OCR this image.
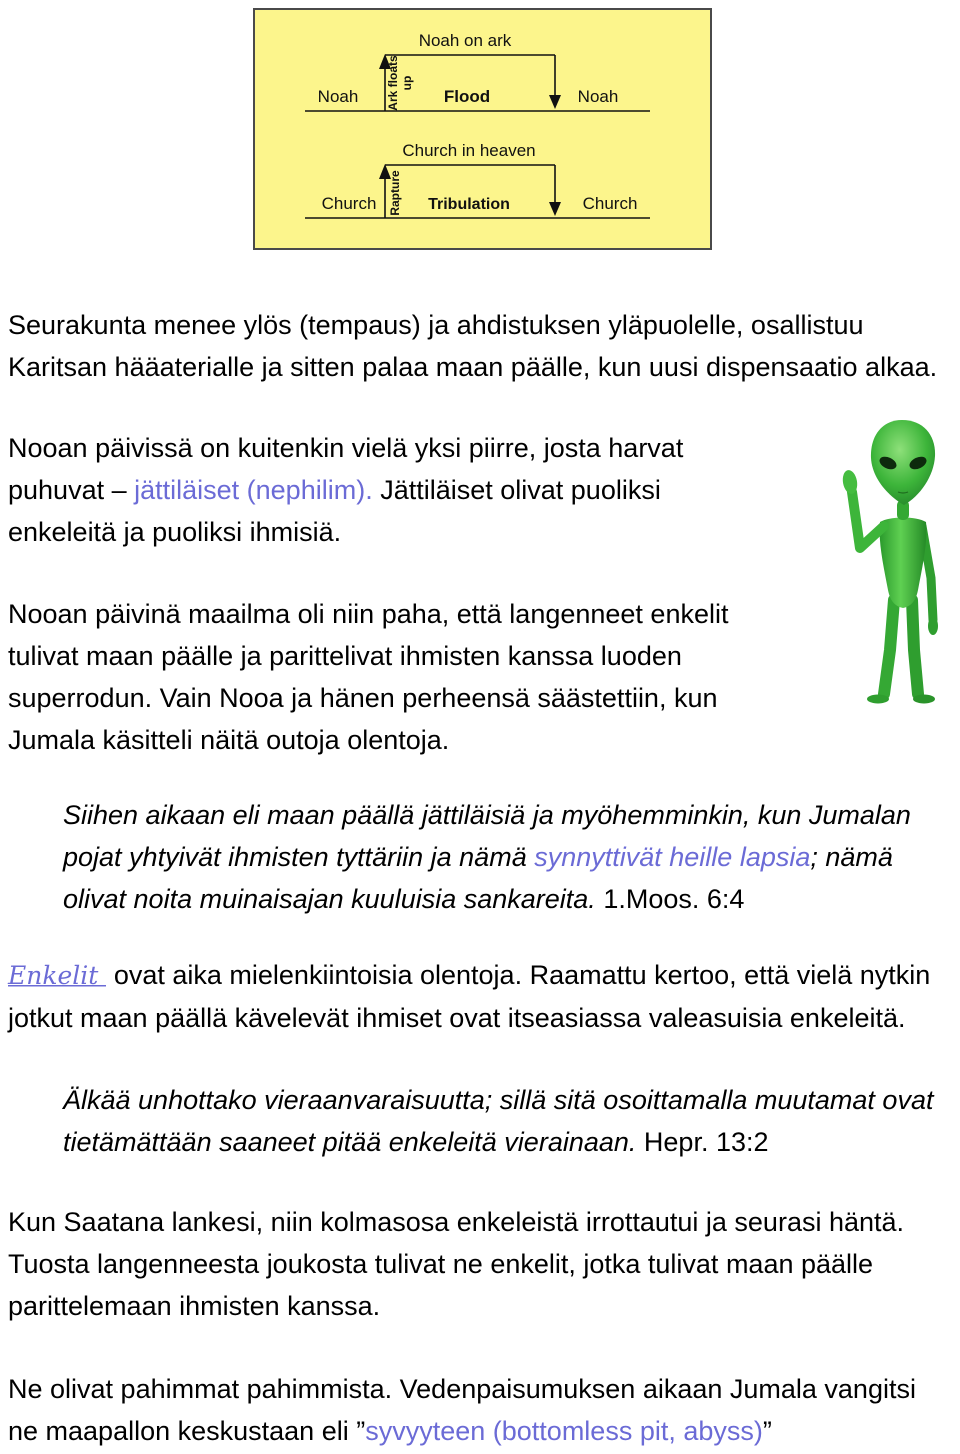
Noah on ark
Noah Ark floats up
Flood	Noah
Church in heaven
Church Rapture Tribulation	Church
Seurakunta menee ylös (tempaus) ja ahdistuksen yläpuolelle, osallistuu
Karitsan hääaterialle ja sitten palaa maan päälle, kun uusi dispensaatio alkaa.
Nooan päivissä on kuitenkin vielä yksi piirre, josta harvat
puhuvat – jättiläiset (nephilim). Jättiläiset olivat puoliksi
enkeleitä ja puoliksi ihmisiä.
Nooan päivinä maailma oli niin paha, että langenneet enkelit
tulivat maan päälle ja parittelivat ihmisten kanssa luoden
superrodun. Vain Nooa ja hänen perheensä säästettiin, kun
Jumala käsitteli näitä outoja olentoja.
Siihen aikaan eli maan päällä jättiläisiä ja myöhemminkin, kun Jumalan
pojat yhtyivät ihmisten tyttäriin ja nämä synnyttivät heille lapsia; nämä
olivat noita muinaisajan kuuluisia sankareita. 1.Moos. 6:4
Enkelit ovat aika mielenkiintoisia olentoja. Raamattu kertoo, että vielä nytkin
jotkut maan päällä kävelevät ihmiset ovat itseasiassa valeasuisia enkeleitä.
Älkää unhottako vieraanvaraisuutta; sillä sitä osoittamalla muutamat ovat
tietämättään saaneet pitää enkeleitä vierainaan. Hepr. 13:2
Kun Saatana lankesi, niin kolmasosa enkeleistä irrottautui ja seurasi häntä.
Tuosta langenneesta joukosta tulivat ne enkelit, jotka tulivat maan päälle
parittelemaan ihmisten kanssa.
Ne olivat pahimmat pahimmista. Vedenpaisumuksen aikaan Jumala vangitsi
ne maapallon keskustaan eli ”syvyyteen (bottomless pit, abyss)”
